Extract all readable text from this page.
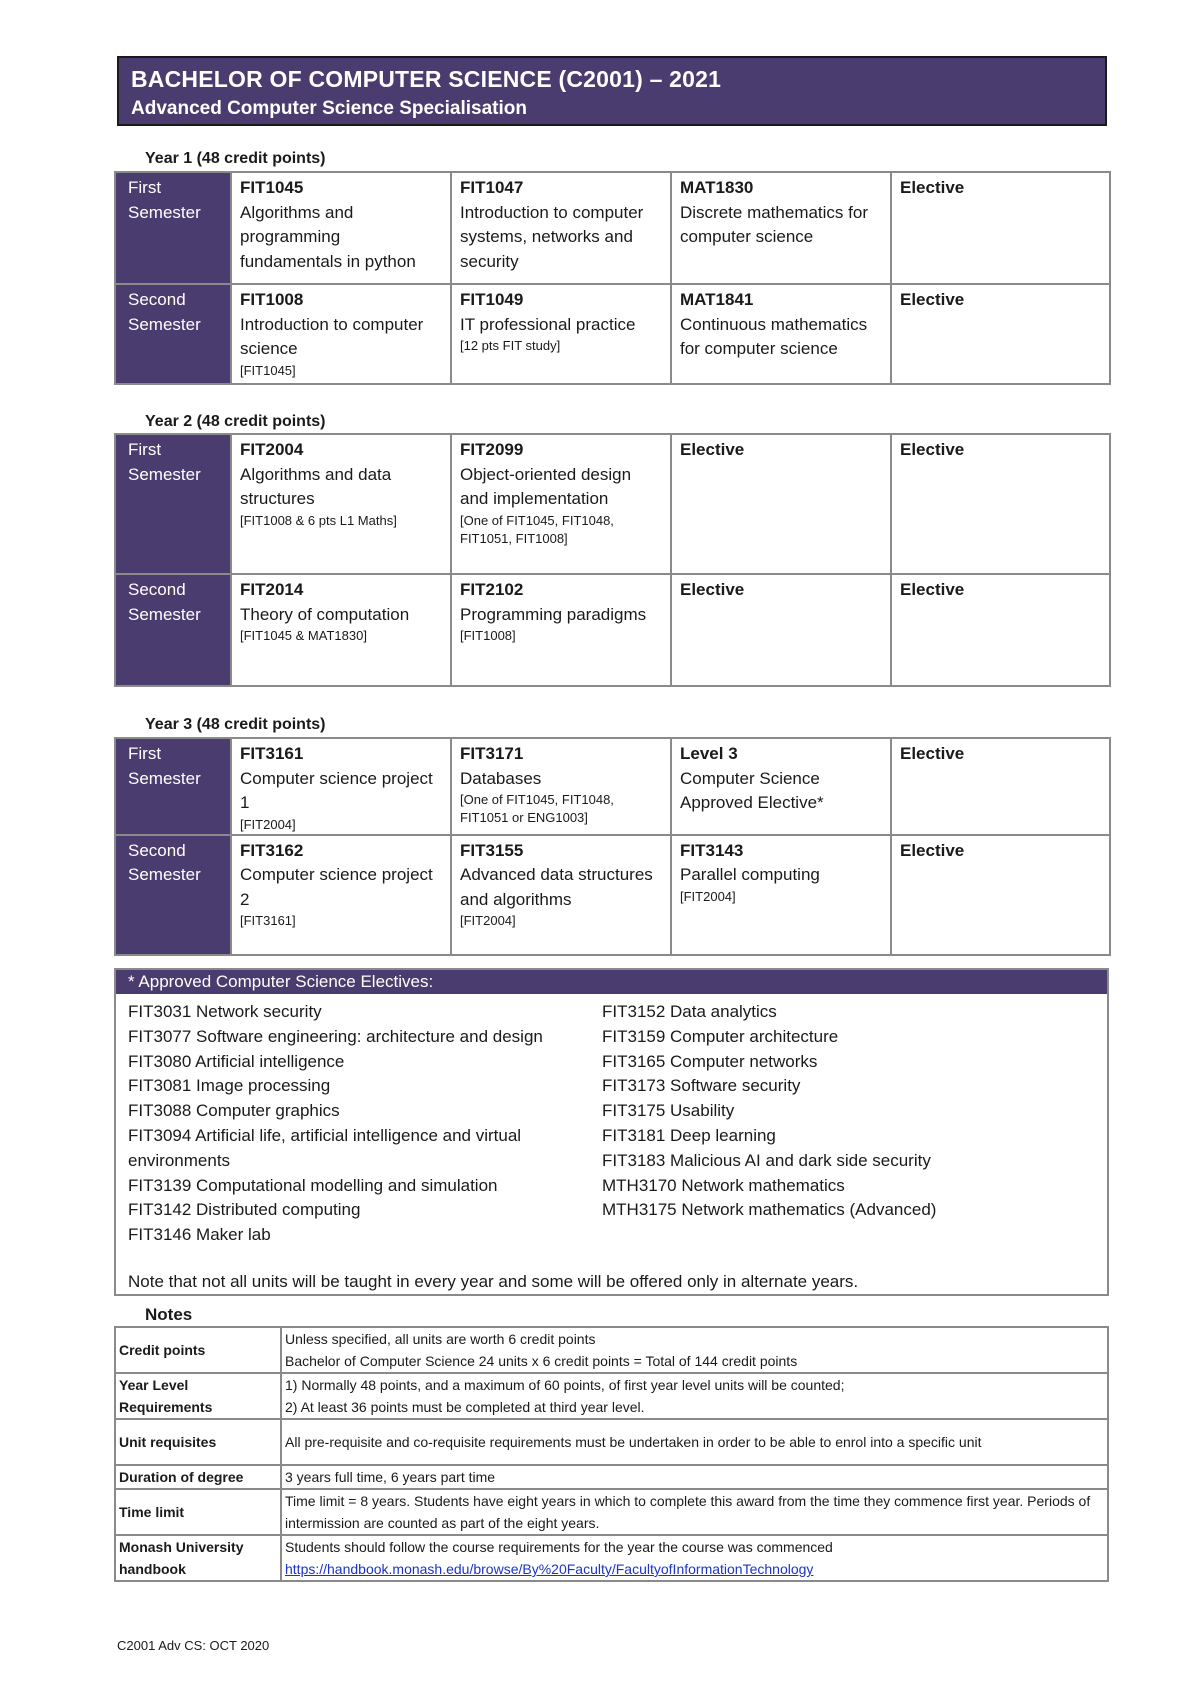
BACHELOR OF COMPUTER SCIENCE (C2001) – 2021
Advanced Computer Science Specialisation
Year 1 (48 credit points)
First Semester	FIT1045
Algorithms and programming fundamentals in python	FIT1047
Introduction to computer systems, networks and security	MAT1830
Discrete mathematics for computer science	Elective

Second Semester	FIT1008
Introduction to computer science
[FIT1045]	FIT1049
IT professional practice
[12 pts FIT study]	MAT1841
Continuous mathematics for computer science	Elective
Year 2 (48 credit points)
First Semester	FIT2004
Algorithms and data structures
[FIT1008 & 6 pts L1 Maths]	FIT2099
Object-oriented design and implementation
[One of FIT1045, FIT1048, FIT1051, FIT1008]	Elective	Elective

Second Semester	FIT2014
Theory of computation
[FIT1045 & MAT1830]	FIT2102
Programming paradigms
[FIT1008]	Elective	Elective
Year 3 (48 credit points)
First Semester	FIT3161
Computer science project 1
[FIT2004]	FIT3171
Databases
[One of FIT1045, FIT1048, FIT1051 or ENG1003]	Level 3
Computer Science Approved Elective*	Elective

Second Semester	FIT3162
Computer science project 2
[FIT3161]	FIT3155
Advanced data structures and algorithms
[FIT2004]	FIT3143
Parallel computing
[FIT2004]	Elective
* Approved Computer Science Electives:
FIT3031 Network security
FIT3077 Software engineering: architecture and design
FIT3080 Artificial intelligence
FIT3081 Image processing
FIT3088 Computer graphics
FIT3094 Artificial life, artificial intelligence and virtual
environments
FIT3139 Computational modelling and simulation
FIT3142 Distributed computing
FIT3146 Maker lab
FIT3152 Data analytics
FIT3159 Computer architecture
FIT3165 Computer networks
FIT3173 Software security
FIT3175 Usability
FIT3181 Deep learning
FIT3183 Malicious AI and dark side security
MTH3170 Network mathematics
MTH3175 Network mathematics (Advanced)
Note that not all units will be taught in every year and some will be offered only in alternate years.
Notes
Credit points	Unless specified, all units are worth 6 credit points
Bachelor of Computer Science 24 units x 6 credit points = Total of 144 credit points

Year Level Requirements	1) Normally 48 points, and a maximum of 60 points, of first year level units will be counted;
2) At least 36 points must be completed at third year level.

Unit requisites	All pre-requisite and co-requisite requirements must be undertaken in order to be able to enrol into a specific unit

Duration of degree	3 years full time, 6 years part time

Time limit	Time limit = 8 years. Students have eight years in which to complete this award from the time they commence first year. Periods of intermission are counted as part of the eight years.

Monash University handbook	Students should follow the course requirements for the year the course was commenced
https://handbook.monash.edu/browse/By%20Faculty/FacultyofInformationTechnology
C2001 Adv CS: OCT 2020
